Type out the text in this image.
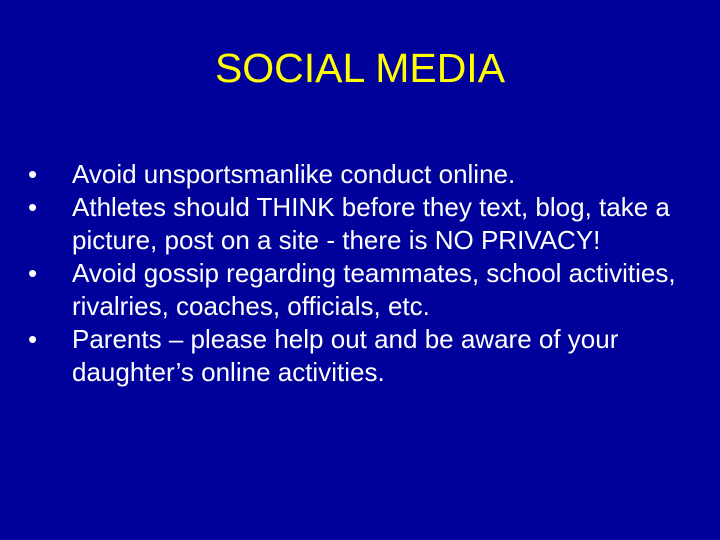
SOCIAL MEDIA
•	Avoid unsportsmanlike conduct online.
•	Athletes should THINK before they text, blog, take a picture, post on a site - there is NO PRIVACY!
•	Avoid gossip regarding teammates, school activities, rivalries, coaches, officials, etc.
•	Parents – please help out and be aware of your daughter’s online activities.
